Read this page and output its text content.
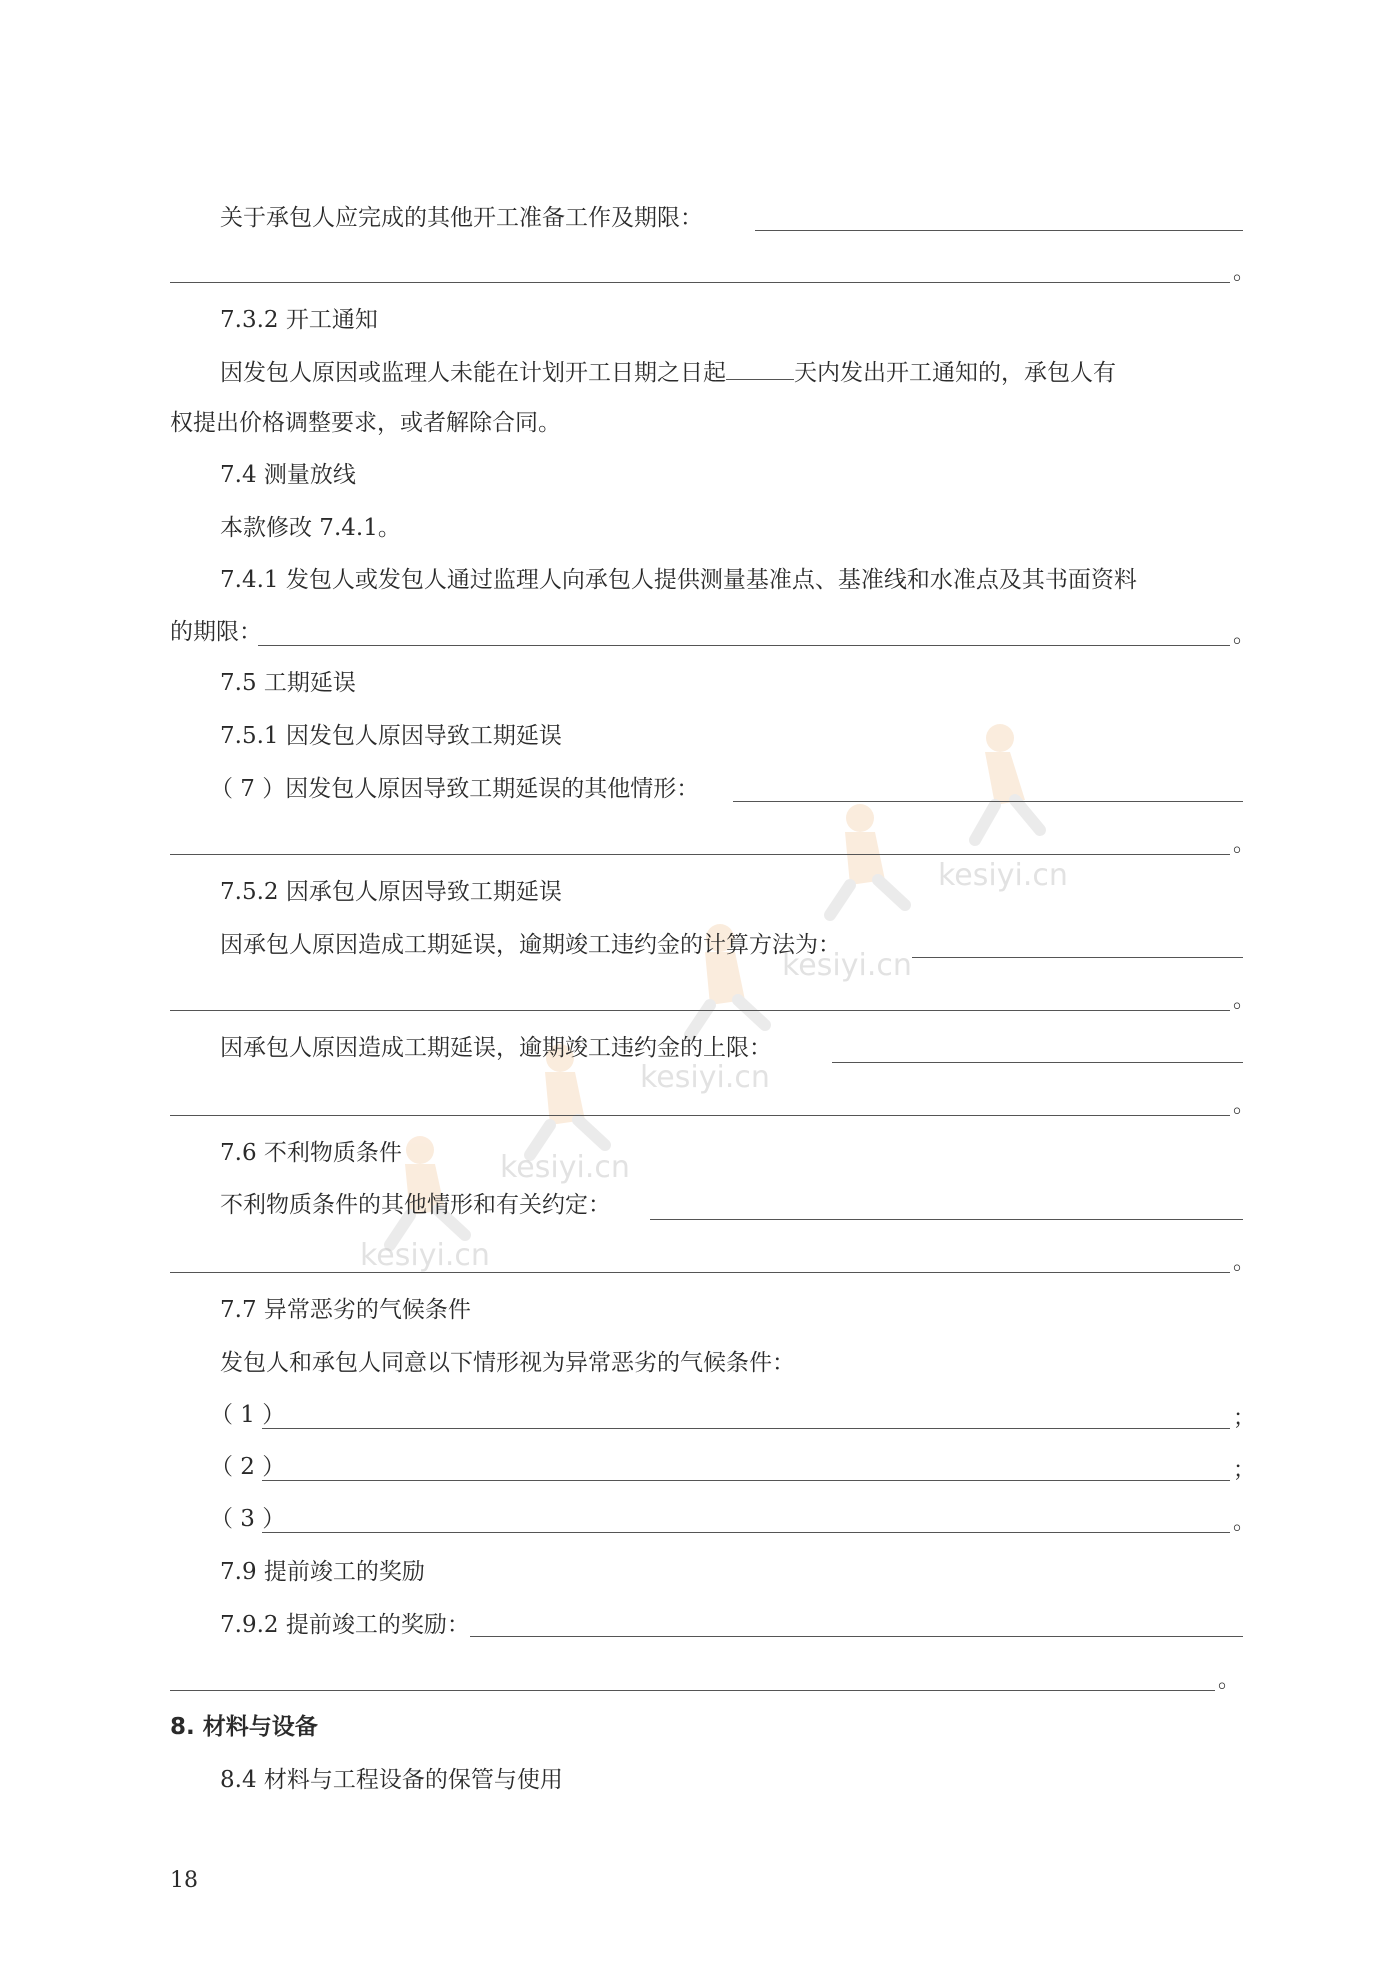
kesiyi.cn
kesiyi.cn
kesiyi.cn
kesiyi.cn
kesiyi.cn
关于承包人应完成的其他开工准备工作及期限：
。
7.3.2 开工通知
因发包人原因或监理人未能在计划开工日期之日起	天内发出开工通知的，承包人有
权提出价格调整要求，或者解除合同。
7.4 测量放线
本款修改 7.4.1。
7.4.1 发包人或发包人通过监理人向承包人提供测量基准点、基准线和水准点及其书面资料
的期限：	。
7.5 工期延误
7.5.1 因发包人原因导致工期延误
（ 7 ）因发包人原因导致工期延误的其他情形：
。
7.5.2 因承包人原因导致工期延误
因承包人原因造成工期延误，逾期竣工违约金的计算方法为：
。
因承包人原因造成工期延误，逾期竣工违约金的上限：
。
7.6 不利物质条件
不利物质条件的其他情形和有关约定：
。
7.7 异常恶劣的气候条件
发包人和承包人同意以下情形视为异常恶劣的气候条件：
（ 1 ）	；
（ 2 ）	；
（ 3 ）	。
7.9 提前竣工的奖励
7.9.2 提前竣工的奖励：
。
8. 材料与设备
8.4 材料与工程设备的保管与使用
18
